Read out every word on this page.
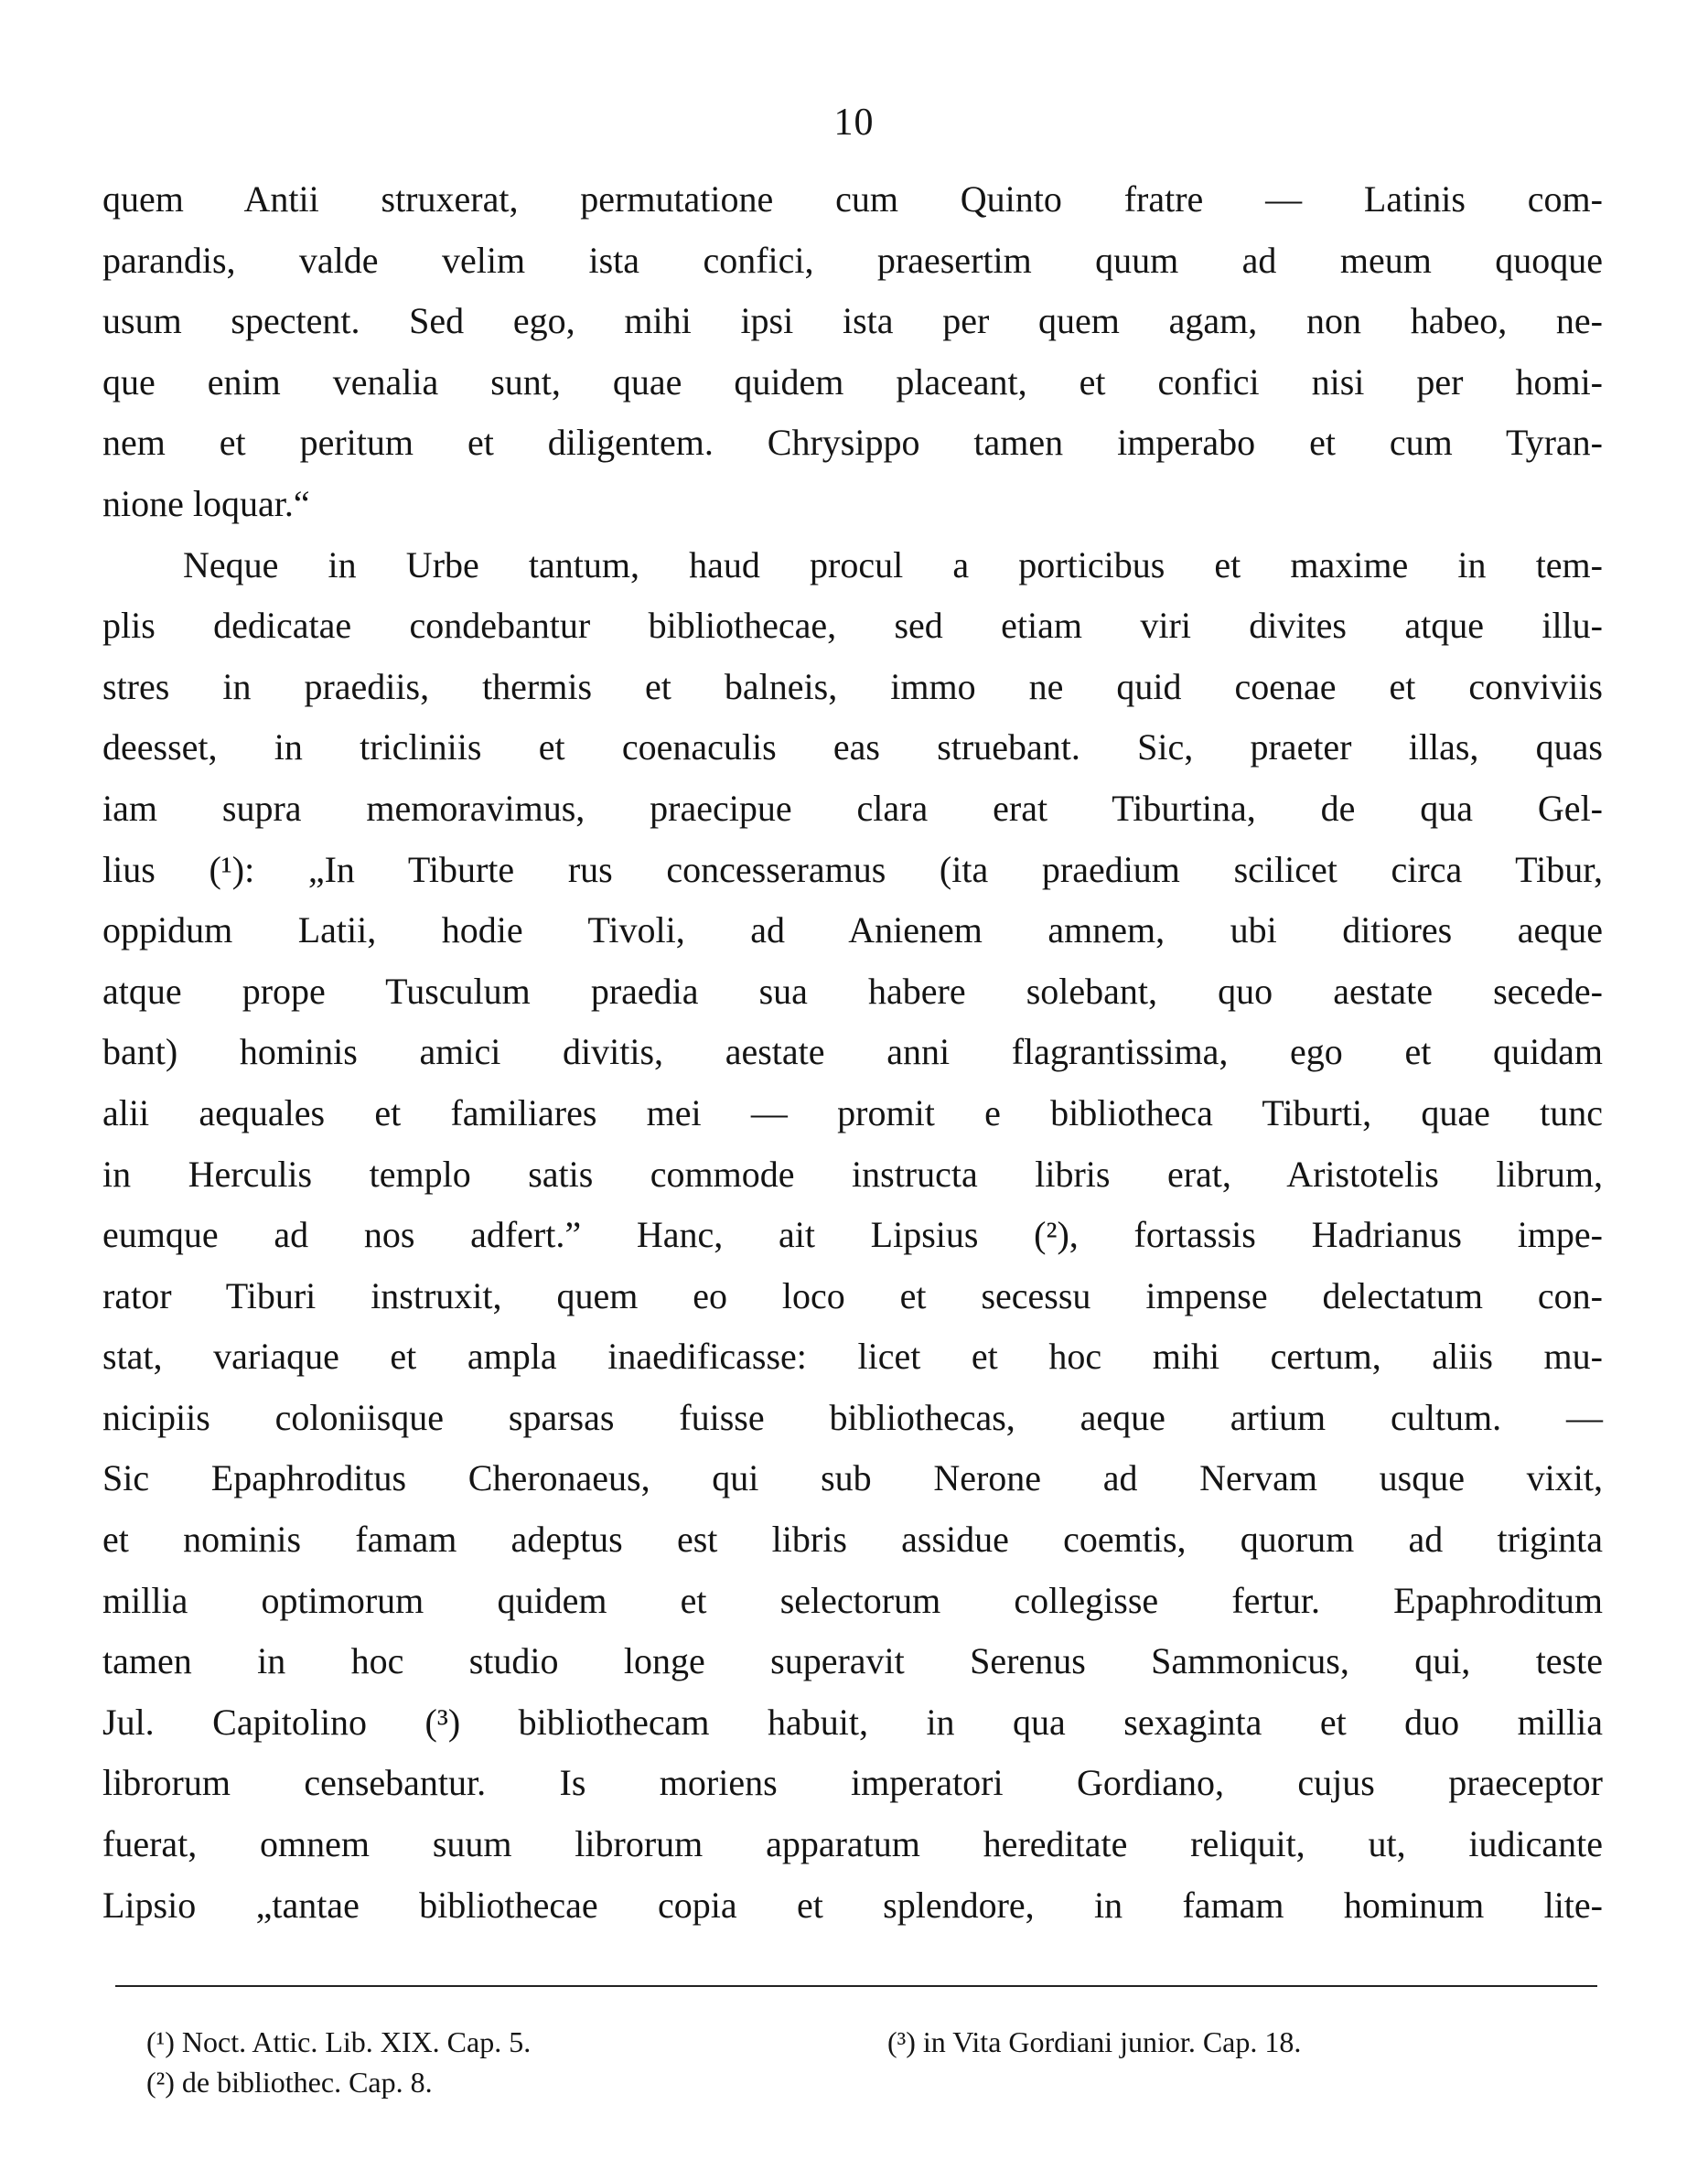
10
quem Antii struxerat, permutatione cum Quinto fratre — Latinis com-
parandis, valde velim ista confici, praesertim quum ad meum quoque
usum spectent. Sed ego, mihi ipsi ista per quem agam, non habeo, ne-
que enim venalia sunt, quae quidem placeant, et confici nisi per homi-
nem et peritum et diligentem. Chrysippo tamen imperabo et cum Tyran-
nione loquar.“
Neque in Urbe tantum, haud procul a porticibus et maxime in tem-
plis dedicatae condebantur bibliothecae, sed etiam viri divites atque illu-
stres in praediis, thermis et balneis, immo ne quid coenae et conviviis
deesset, in tricliniis et coenaculis eas struebant. Sic, praeter illas, quas
iam supra memoravimus, praecipue clara erat Tiburtina, de qua Gel-
lius (¹): „In Tiburte rus concesseramus (ita praedium scilicet circa Tibur,
oppidum Latii, hodie Tivoli, ad Anienem amnem, ubi ditiores aeque
atque prope Tusculum praedia sua habere solebant, quo aestate secede-
bant) hominis amici divitis, aestate anni flagrantissima, ego et quidam
alii aequales et familiares mei — promit e bibliotheca Tiburti, quae tunc
in Herculis templo satis commode instructa libris erat, Aristotelis librum,
eumque ad nos adfert.” Hanc, ait Lipsius (²), fortassis Hadrianus impe-
rator Tiburi instruxit, quem eo loco et secessu impense delectatum con-
stat, variaque et ampla inaedificasse: licet et hoc mihi certum, aliis mu-
nicipiis coloniisque sparsas fuisse bibliothecas, aeque artium cultum. —
Sic Epaphroditus Cheronaeus, qui sub Nerone ad Nervam usque vixit,
et nominis famam adeptus est libris assidue coemtis, quorum ad triginta
millia optimorum quidem et selectorum collegisse fertur. Epaphroditum
tamen in hoc studio longe superavit Serenus Sammonicus, qui, teste
Jul. Capitolino (³) bibliothecam habuit, in qua sexaginta et duo millia
librorum censebantur. Is moriens imperatori Gordiano, cujus praeceptor
fuerat, omnem suum librorum apparatum hereditate reliquit, ut, iudicante
Lipsio „tantae bibliothecae copia et splendore, in famam hominum lite-
(¹) Noct. Attic. Lib. XIX. Cap. 5.
(²) de bibliothec. Cap. 8.
(³) in Vita Gordiani junior. Cap. 18.
